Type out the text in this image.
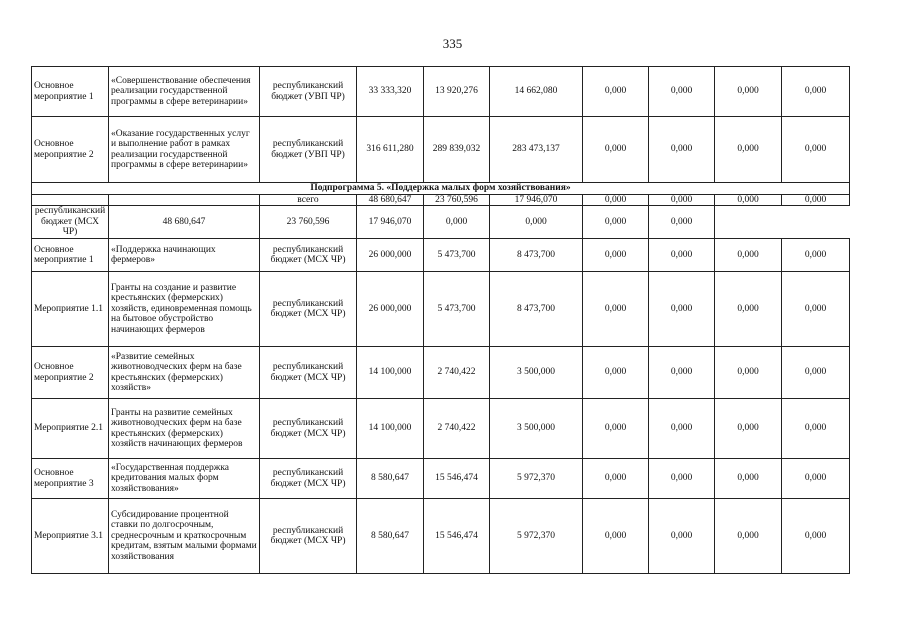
335
Основное мероприятие 1	«Совершенствование обеспечения реализации государственной программы в сфере ветеринарии»	республиканский бюджет (УВП ЧР)	33 333,320	13 920,276	14 662,080	0,000	0,000	0,000	0,000
Основное мероприятие 2	«Оказание государственных услуг и выполнение работ в рамках реализации государственной программы в сфере ветеринарии»	республиканский бюджет (УВП ЧР)	316 611,280	289 839,032	283 473,137	0,000	0,000	0,000	0,000
Подпрограмма 5. «Поддержка малых форм хозяйствования»									
		всего	48 680,647	23 760,596	17 946,070	0,000	0,000	0,000	0,000
республиканский бюджет (МСХ ЧР)	48 680,647	23 760,596	17 946,070	0,000	0,000	0,000	0,000		
Основное мероприятие 1	«Поддержка начинающих фермеров»	республиканский бюджет (МСХ ЧР)	26 000,000	5 473,700	8 473,700	0,000	0,000	0,000	0,000
Мероприятие 1.1	Гранты на создание и развитие крестьянских (фермерских) хозяйств, единовременная помощь на бытовое обустройство начинающих фермеров	республиканский бюджет (МСХ ЧР)	26 000,000	5 473,700	8 473,700	0,000	0,000	0,000	0,000
Основное мероприятие 2	«Развитие семейных животноводческих ферм на базе крестьянских (фермерских) хозяйств»	республиканский бюджет (МСХ ЧР)	14 100,000	2 740,422	3 500,000	0,000	0,000	0,000	0,000
Мероприятие 2.1	Гранты на развитие семейных животноводческих ферм на базе крестьянских (фермерских) хозяйств начинающих фермеров	республиканский бюджет (МСХ ЧР)	14 100,000	2 740,422	3 500,000	0,000	0,000	0,000	0,000
Основное мероприятие 3	«Государственная поддержка кредитования малых форм хозяйствования»	республиканский бюджет (МСХ ЧР)	8 580,647	15 546,474	5 972,370	0,000	0,000	0,000	0,000
Мероприятие 3.1	Субсидирование процентной ставки по долгосрочным, среднесрочным и краткосрочным кредитам, взятым малыми формами хозяйствования	республиканский бюджет (МСХ ЧР)	8 580,647	15 546,474	5 972,370	0,000	0,000	0,000	0,000
